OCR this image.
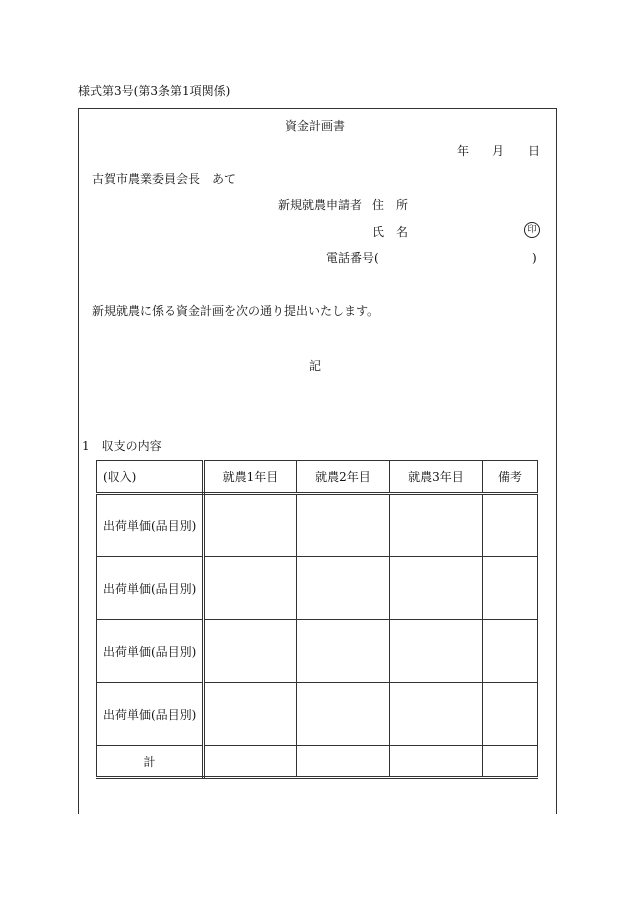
様式第3号(第3条第1項関係)
資金計画書
年 月 日
古賀市農業委員会長　あて
新規就農申請者 住　所
氏　名	印
電話番号(	)
新規就農に係る資金計画を次の通り提出いたします。
記
1　収支の内容
(収入)	就農1年目	就農2年目	就農3年目	備考
出荷単価(品目別)				
出荷単価(品目別)				
出荷単価(品目別)				
出荷単価(品目別)				
計				
